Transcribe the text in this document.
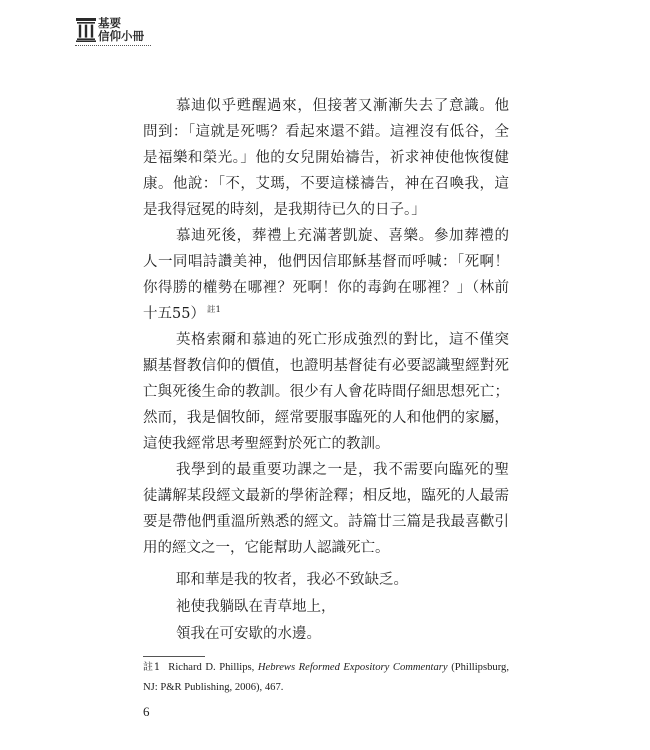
基要
信仰小冊
慕迪似乎甦醒過來，但接著又漸漸失去了意識。他
問到：「這就是死嗎？看起來還不錯。這裡沒有低谷，全
是福樂和榮光。」他的女兒開始禱告，祈求神使他恢復健
康。他說：「不，艾瑪，不要這樣禱告，神在召喚我，這
是我得冠冕的時刻，是我期待已久的日子。」
慕迪死後，葬禮上充滿著凱旋、喜樂。參加葬禮的
人一同唱詩讚美神，他們因信耶穌基督而呼喊：「死啊！
你得勝的權勢在哪裡？死啊！你的毒鉤在哪裡？」（林前
十五55） $^{註1}$
英格索爾和慕迪的死亡形成強烈的對比，這不僅突
顯基督教信仰的價值，也證明基督徒有必要認識聖經對死
亡與死後生命的教訓。很少有人會花時間仔細思想死亡；
然而，我是個牧師，經常要服事臨死的人和他們的家屬，
這使我經常思考聖經對於死亡的教訓。
我學到的最重要功課之一是，我不需要向臨死的聖
徒講解某段經文最新的學術詮釋；相反地，臨死的人最需
要是帶他們重溫所熟悉的經文。詩篇廿三篇是我最喜歡引
用的經文之一，它能幫助人認識死亡。
耶和華是我的牧者，我必不致缺乏。
祂使我躺臥在青草地上，
領我在可安歇的水邊。
註1 Richard D. Phillips, Hebrews Reformed Expository Commentary (Phillipsburg,
NJ: P&R Publishing, 2006), 467.
6
